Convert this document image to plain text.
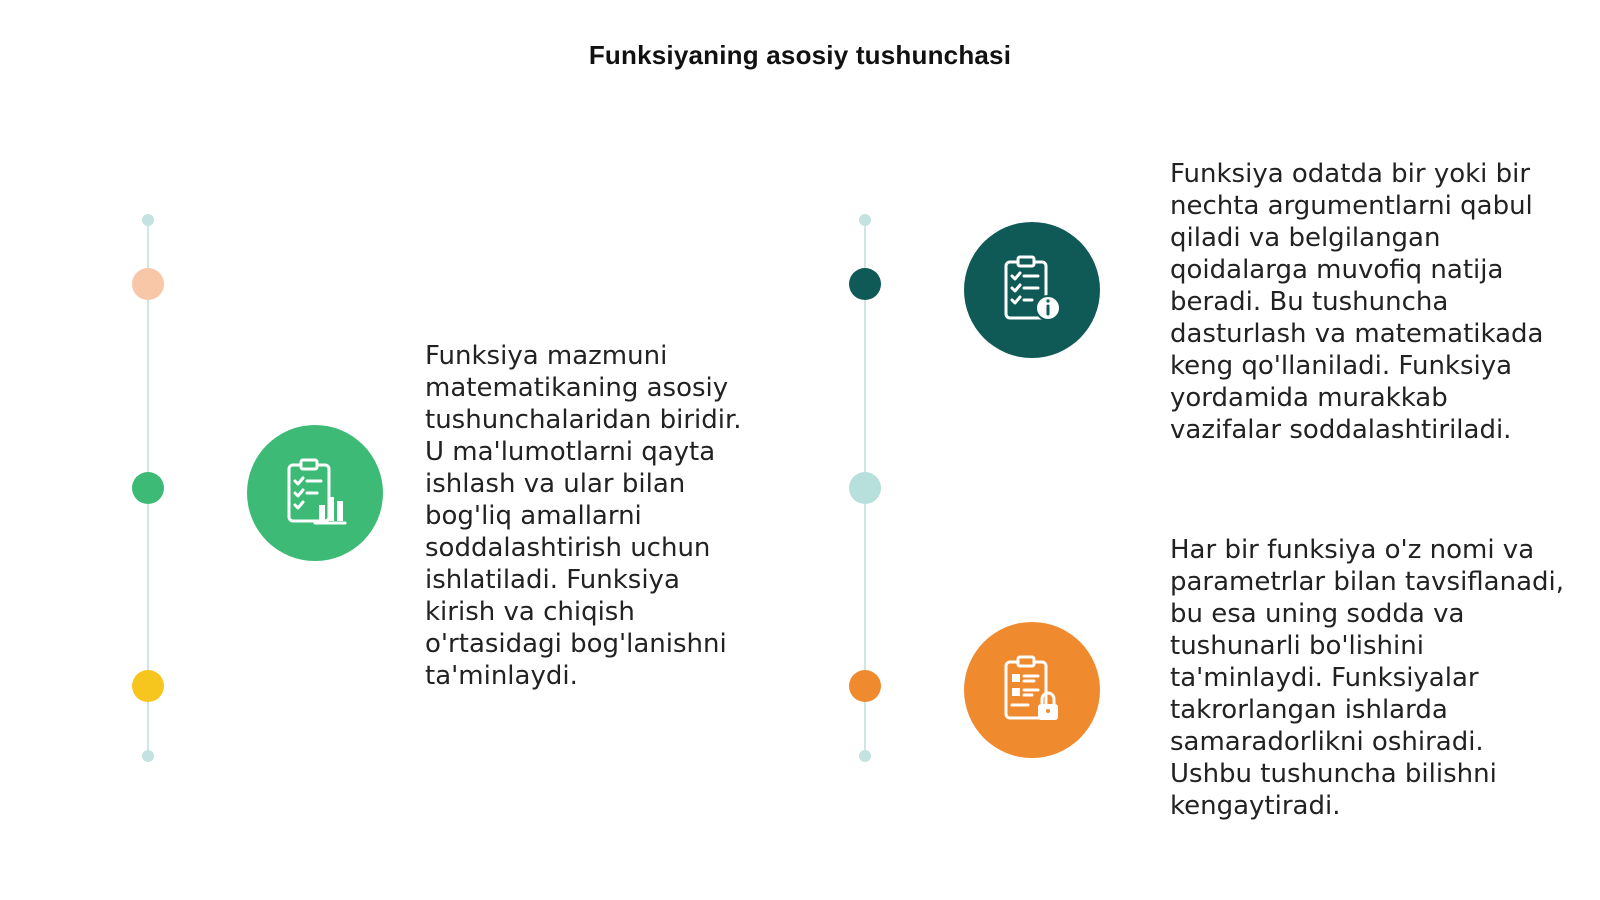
Funksiyaning asosiy tushunchasi
Funksiya mazmuni matematikaning asosiy tushunchalaridan biridir. U ma'lumotlarni qayta ishlash va ular bilan bog'liq amallarni soddalashtirish uchun ishlatiladi. Funksiya kirish va chiqish o'rtasidagi bog'lanishni ta'minlaydi.
Funksiya odatda bir yoki bir nechta argumentlarni qabul qiladi va belgilangan qoidalarga muvofiq natija beradi. Bu tushuncha dasturlash va matematikada keng qo'llaniladi. Funksiya yordamida murakkab vazifalar soddalashtiriladi.
Har bir funksiya o'z nomi va parametrlar bilan tavsiflanadi, bu esa uning sodda va tushunarli bo'lishini ta'minlaydi. Funksiyalar takrorlangan ishlarda samaradorlikni oshiradi. Ushbu tushuncha bilishni kengaytiradi.
